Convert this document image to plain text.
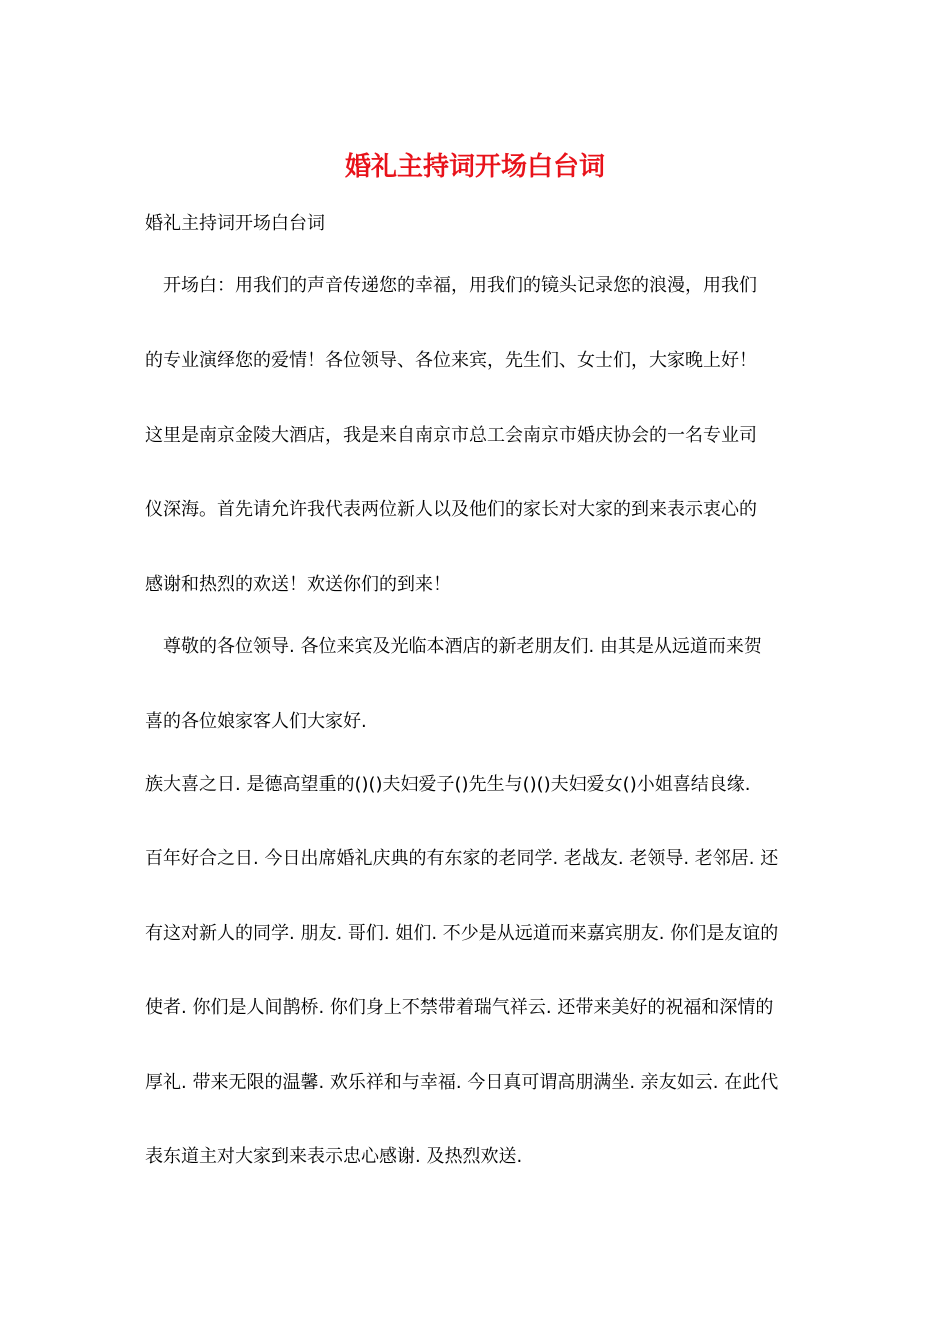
婚礼主持词开场白台词

婚礼主持词开场白台词

开场白：用我们的声音传递您的幸福，用我们的镜头记录您的浪漫，用我们

的专业演绎您的爱情！各位领导、各位来宾，先生们、女士们，大家晚上好！

这里是南京金陵大酒店，我是来自南京市总工会南京市婚庆协会的一名专业司

仪深海。首先请允许我代表两位新人以及他们的家长对大家的到来表示衷心的

感谢和热烈的欢送！欢送你们的到来！

尊敬的各位领导. 各位来宾及光临本酒店的新老朋友们. 由其是从远道而来贺

喜的各位娘家客人们大家好.

族大喜之日. 是德高望重的()()夫妇爱子()先生与()()夫妇爱女()小姐喜结良缘.

百年好合之日. 今日出席婚礼庆典的有东家的老同学. 老战友. 老领导. 老邻居. 还

有这对新人的同学. 朋友. 哥们. 姐们. 不少是从远道而来嘉宾朋友. 你们是友谊的

使者. 你们是人间鹊桥. 你们身上不禁带着瑞气祥云. 还带来美好的祝福和深情的

厚礼. 带来无限的温馨. 欢乐祥和与幸福. 今日真可谓高朋满坐. 亲友如云. 在此代

表东道主对大家到来表示忠心感谢. 及热烈欢送.
